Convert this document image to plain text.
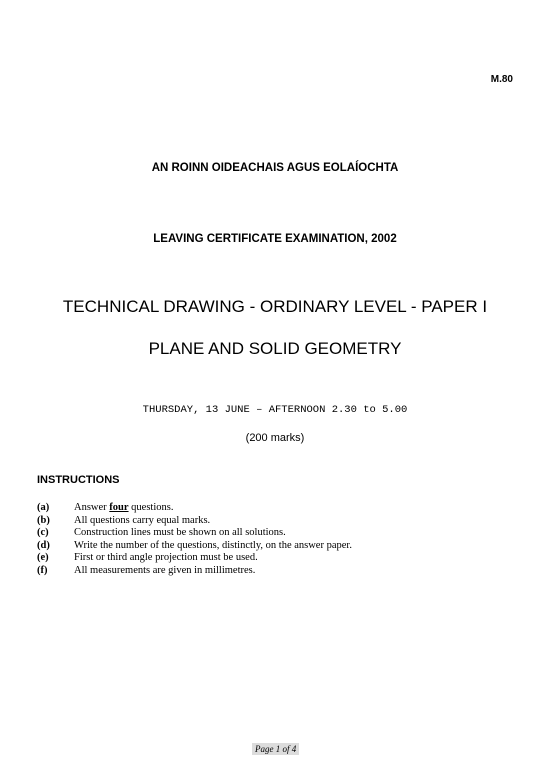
M.80
AN ROINN OIDEACHAIS AGUS EOLAÍOCHTA
LEAVING CERTIFICATE EXAMINATION, 2002
TECHNICAL DRAWING - ORDINARY LEVEL - PAPER I
PLANE AND SOLID GEOMETRY
THURSDAY, 13 JUNE – AFTERNOON 2.30 to 5.00
(200 marks)
INSTRUCTIONS
(a) Answer four questions.
(b) All questions carry equal marks.
(c) Construction lines must be shown on all solutions.
(d) Write the number of the questions, distinctly, on the answer paper.
(e) First or third angle projection must be used.
(f)	All measurements are given in millimetres.
Page 1 of 4
